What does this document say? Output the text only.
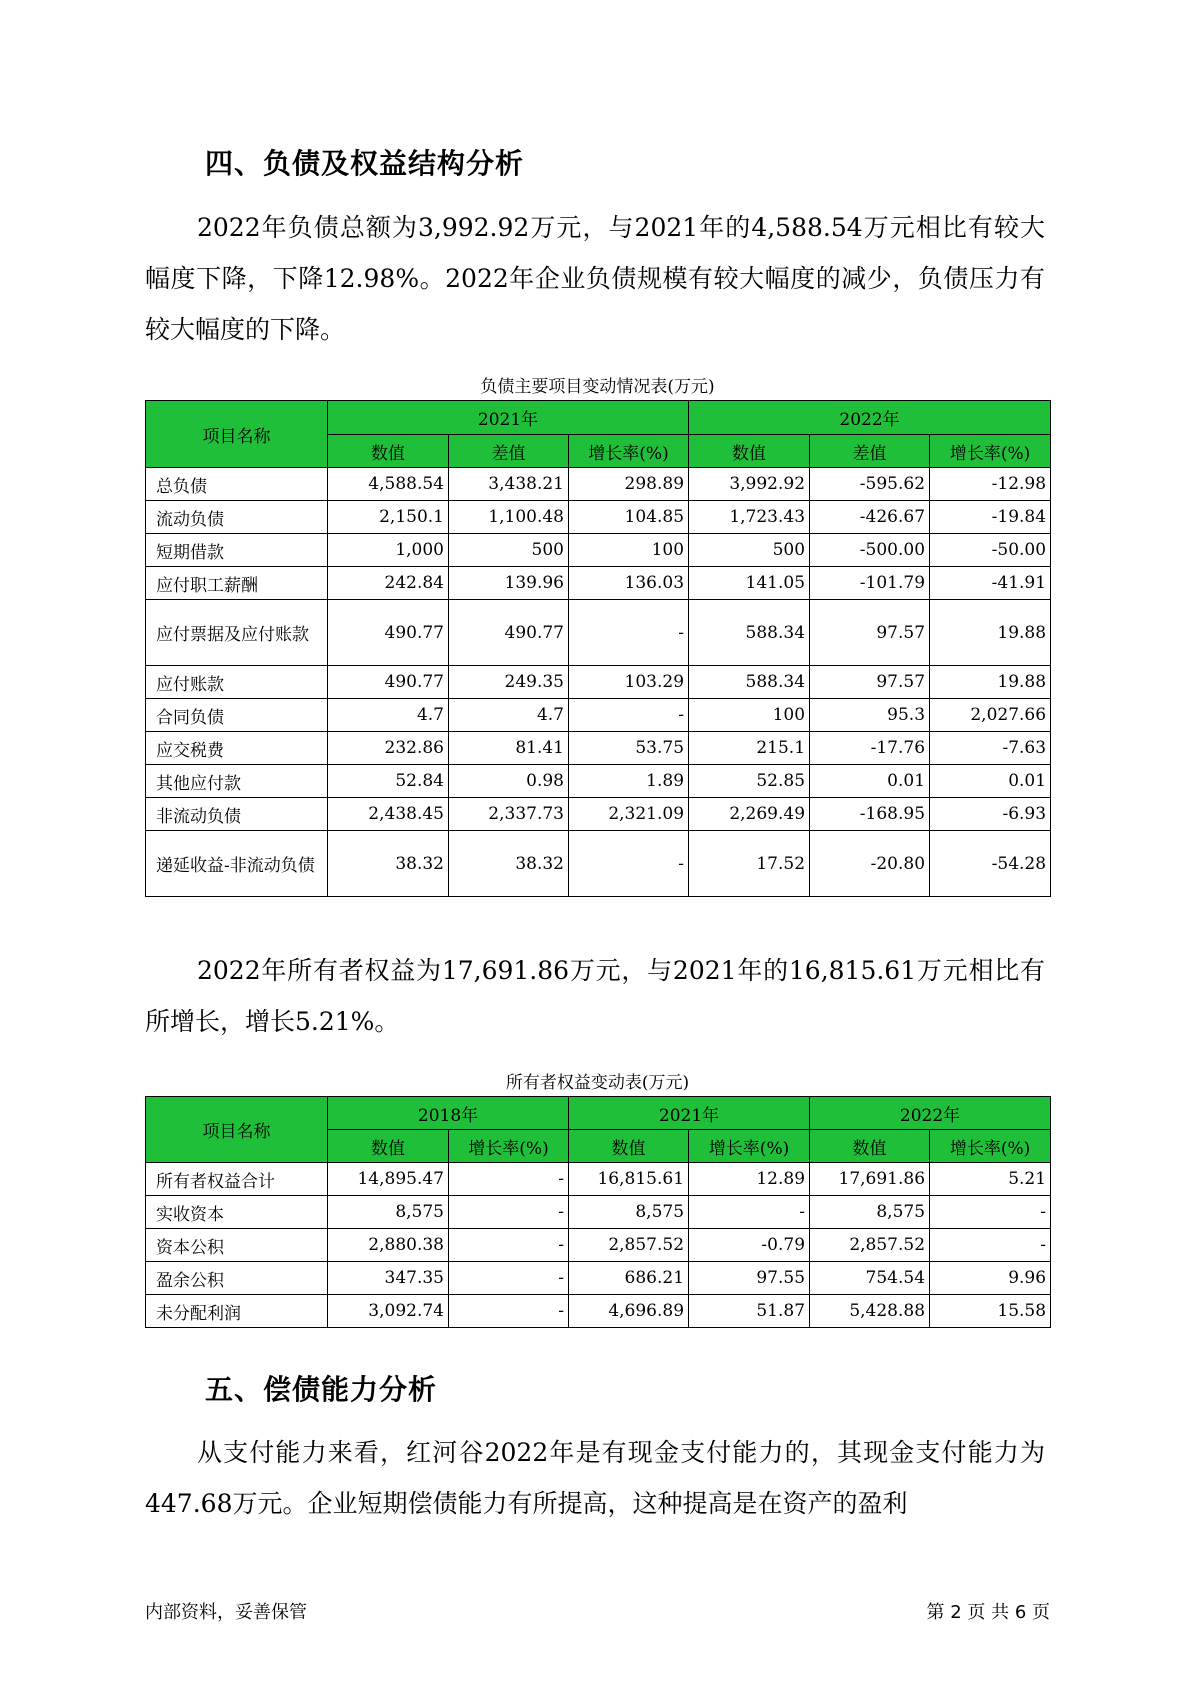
四、负债及权益结构分析

2022年负债总额为3,992.92万元，与2021年的4,588.54万元相比有较大幅度下降，下降12.98%。2022年企业负债规模有较大幅度的减少，负债压力有较大幅度的下降。

负债主要项目变动情况表(万元)
项目名称	2021年			2022年		
	数值	差值	增长率(%)	数值	差值	增长率(%)
总负债	4,588.54	3,438.21	298.89	3,992.92	-595.62	-12.98
流动负债	2,150.1	1,100.48	104.85	1,723.43	-426.67	-19.84
短期借款	1,000	500	100	500	-500.00	-50.00
应付职工薪酬	242.84	139.96	136.03	141.05	-101.79	-41.91
应付票据及应付账款	490.77	490.77	-	588.34	97.57	19.88
应付账款	490.77	249.35	103.29	588.34	97.57	19.88
合同负债	4.7	4.7	-	100	95.3	2,027.66
应交税费	232.86	81.41	53.75	215.1	-17.76	-7.63
其他应付款	52.84	0.98	1.89	52.85	0.01	0.01
非流动负债	2,438.45	2,337.73	2,321.09	2,269.49	-168.95	-6.93
递延收益-非流动负债	38.32	38.32	-	17.52	-20.80	-54.28

2022年所有者权益为17,691.86万元，与2021年的16,815.61万元相比有所增长，增长5.21%。

所有者权益变动表(万元)
项目名称	2018年		2021年		2022年	
	数值	增长率(%)	数值	增长率(%)	数值	增长率(%)
所有者权益合计	14,895.47	-	16,815.61	12.89	17,691.86	5.21
实收资本	8,575	-	8,575	-	8,575	-
资本公积	2,880.38	-	2,857.52	-0.79	2,857.52	-
盈余公积	347.35	-	686.21	97.55	754.54	9.96
未分配利润	3,092.74	-	4,696.89	51.87	5,428.88	15.58
五、偿债能力分析

从支付能力来看，红河谷2022年是有现金支付能力的，其现金支付能力为447.68万元。企业短期偿债能力有所提高，这种提高是在资产的盈利

内部资料，妥善保管	第 2 页 共 6 页
